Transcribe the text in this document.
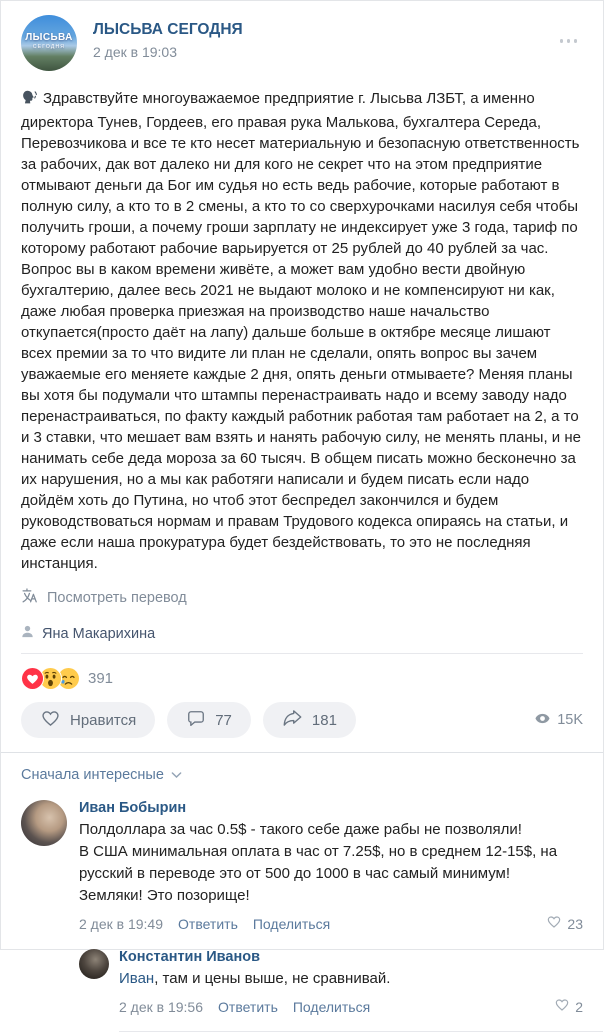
ЛЫСЬВА
СЕГОДНЯ
ЛЫСЬВА СЕГОДНЯ
2 дек в 19:03

Здравствуйте многоуважаемое предприятие г. Лысьва ЛЗБТ, а именно директора Тунев, Гордеев, его правая рука Малькова, бухгалтера Середа, Перевозчикова и все те кто несет материальную и безопасную ответственность за рабочих, дак вот далеко ни для кого не секрет что на этом предприятие отмывают деньги да Бог им судья но есть ведь рабочие, которые работают в полную силу, а кто то в 2 смены, а кто то со сверхурочками насилуя себя чтобы получить гроши, а почему гроши зарплату не индексирует уже 3 года, тариф по которому работают рабочие варьируется от 25 рублей до 40 рублей за час. Вопрос вы в каком времени живёте, а может вам удобно вести двойную бухгалтерию, далее весь 2021 не выдают молоко и не компенсируют ни как, даже любая проверка приезжая на производство наше начальство откупается(просто даёт на лапу) дальше больше в октябре месяце лишают всех премии за то что видите ли план не сделали, опять вопрос вы зачем уважаемые его меняете каждые 2 дня, опять деньги отмываете? Меняя планы вы хотя бы подумали что штампы перенастраивать надо и всему заводу надо перенастраиваться, по факту каждый работник работая там работает на 2, а то и 3 ставки, что мешает вам взять и нанять рабочую силу, не менять планы, и не нанимать себе деда мороза за 60 тысяч. В общем писать можно бесконечно за их нарушения, но а мы как работяги написали и будем писать если надо дойдём хоть до Путина, но чтоб этот беспредел закончился и будем руководствоваться нормам и правам Трудового кодекса опираясь на статьи, и даже если наша прокуратура будет бездействовать, то это не последняя инстанция.

Посмотреть перевод
Яна Макарихина
391
Нравится	77	181	15K
Сначала интересные
Иван Бобырин
Полдоллара за час 0.5$ - такого себе даже рабы не позволяли!
В США минимальная оплата в час от 7.25$, но в среднем 12-15$, на русский в переводе это от 500 до 1000 в час самый минимум!
Земляки! Это позорище!
2 дек в 19:49 Ответить Поделиться	23
Константин Иванов
Иван, там и цены выше, не сравнивай.
2 дек в 19:56 Ответить Поделиться	2
